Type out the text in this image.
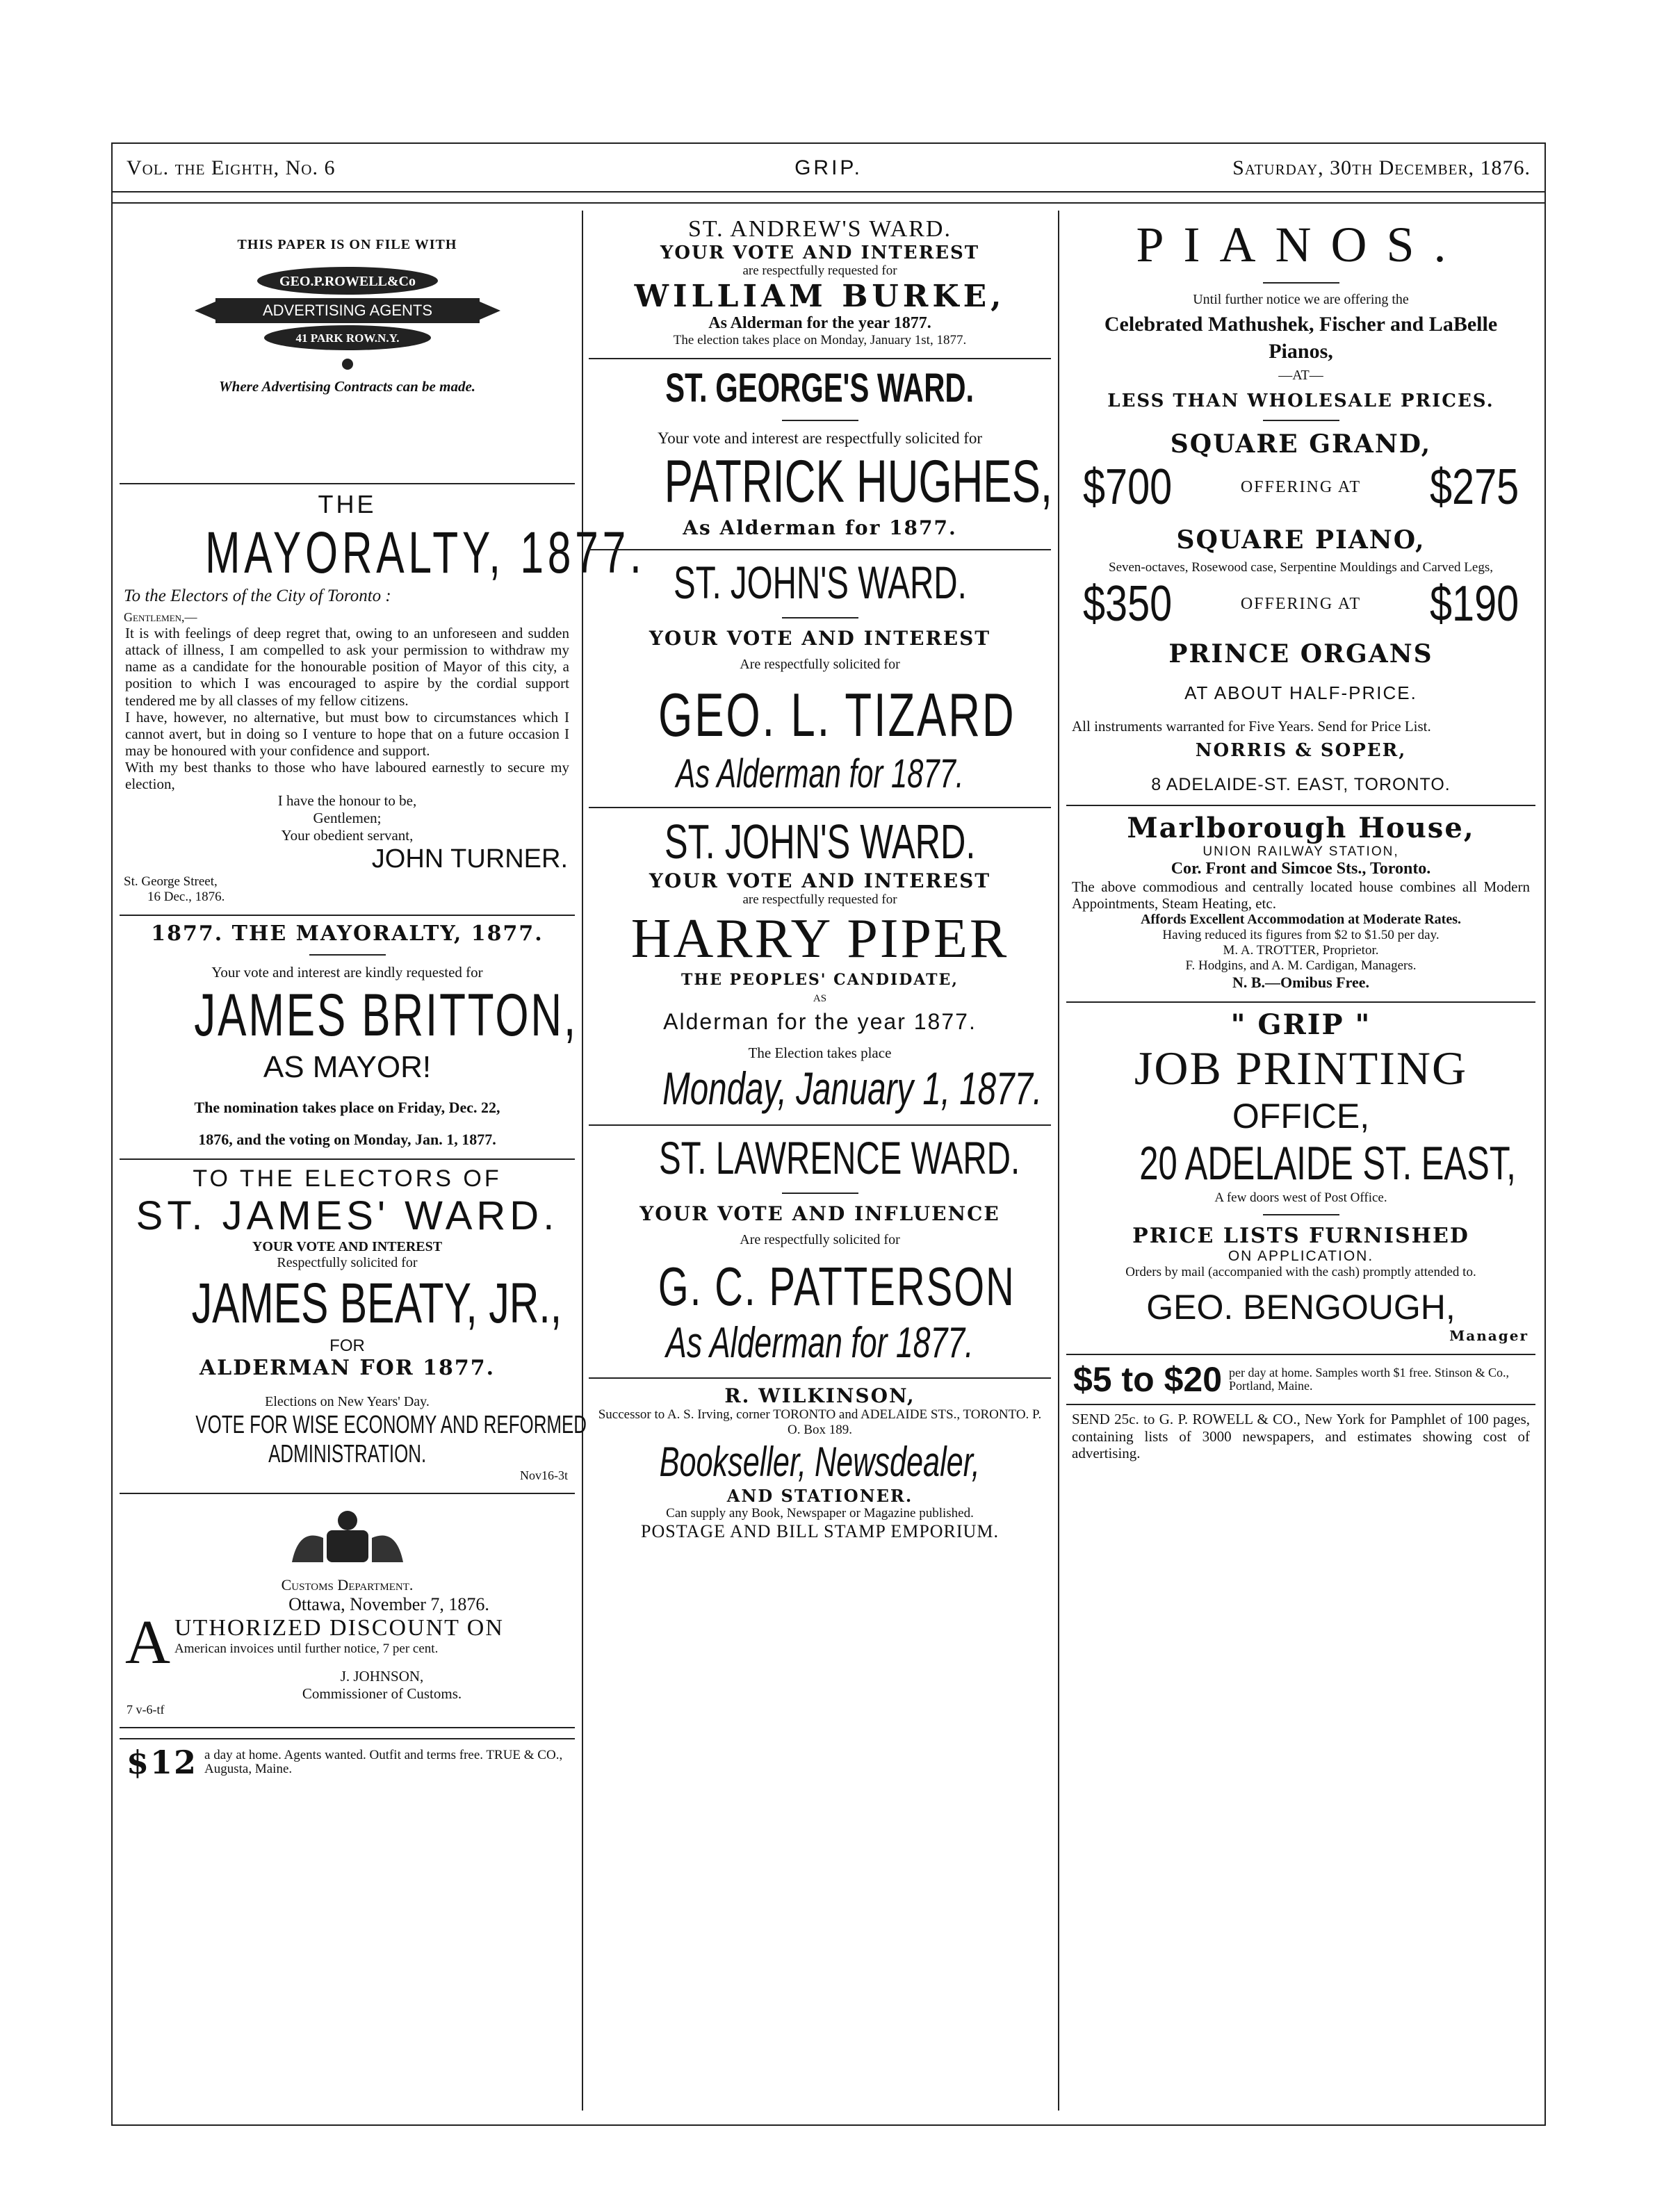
Vol. the Eighth, No. 6	GRIP.	Saturday, 30th December, 1876.
THIS PAPER IS ON FILE WITH
GEO.P.ROWELL&Co
ADVERTISING AGENTS
41 PARK ROW.N.Y.
Where Advertising Contracts can be made.
THE
MAYORALTY, 1877.
To the Electors of the City of Toronto :
Gentlemen,—
It is with feelings of deep regret that, owing to an unforeseen and sudden attack of illness, I am compelled to ask your permission to withdraw my name as a candidate for the honourable position of Mayor of this city, a position to which I was encouraged to aspire by the cordial support tendered me by all classes of my fellow citizens.
I have, however, no alternative, but must bow to circumstances which I cannot avert, but in doing so I venture to hope that on a future occasion I may be honoured with your confidence and support.
With my best thanks to those who have laboured earnestly to secure my election,
I have the honour to be,
Gentlemen;
Your obedient servant,
JOHN TURNER.
St. George Street,
16 Dec., 1876.
1877. THE MAYORALTY, 1877.
Your vote and interest are kindly requested for
JAMES BRITTON,
AS MAYOR!
The nomination takes place on Friday, Dec. 22,
1876, and the voting on Monday, Jan. 1, 1877.
TO THE ELECTORS OF
ST. JAMES' WARD.
YOUR VOTE AND INTEREST
Respectfully solicited for
JAMES BEATY, JR.,
FOR
ALDERMAN FOR 1877.
Elections on New Years' Day.
VOTE FOR WISE ECONOMY AND REFORMED
ADMINISTRATION.
Nov16-3t
Customs Department.
Ottawa, November 7, 1876.
A UTHORIZED DISCOUNT ON
American invoices until further notice, 7 per cent.
J. JOHNSON,
Commissioner of Customs.
7 v-6-tf
$12 a day at home. Agents wanted. Outfit and terms free. TRUE & CO., Augusta, Maine.
ST. ANDREW'S WARD.
YOUR VOTE AND INTEREST
are respectfully requested for
WILLIAM BURKE,
As Alderman for the year 1877.
The election takes place on Monday, January 1st, 1877.
ST. GEORGE'S WARD.
Your vote and interest are respectfully solicited for
PATRICK HUGHES,
As Alderman for 1877.
ST. JOHN'S WARD.
YOUR VOTE AND INTEREST
Are respectfully solicited for
GEO. L. TIZARD
As Alderman for 1877.
ST. JOHN'S WARD.
YOUR VOTE AND INTEREST
are respectfully requested for
HARRY PIPER
THE PEOPLES' CANDIDATE,
AS
Alderman for the year 1877.
The Election takes place
Monday, January 1, 1877.
ST. LAWRENCE WARD.
YOUR VOTE AND INFLUENCE
Are respectfully solicited for
G. C. PATTERSON
As Alderman for 1877.
R. WILKINSON,
Successor to A. S. Irving, corner TORONTO and ADELAIDE STS., TORONTO. P. O. Box 189.
Bookseller, Newsdealer,
AND STATIONER.
Can supply any Book, Newspaper or Magazine published.
POSTAGE AND BILL STAMP EMPORIUM.
PIANOS.
Until further notice we are offering the
Celebrated Mathushek, Fischer and LaBelle Pianos,
—AT—
LESS THAN WHOLESALE PRICES.
SQUARE GRAND,
$700	OFFERING AT $275
SQUARE PIANO,
Seven-octaves, Rosewood case, Serpentine Mouldings and Carved Legs,
$350	OFFERING AT $190
PRINCE ORGANS
AT ABOUT HALF-PRICE.
All instruments warranted for Five Years. Send for Price List.
NORRIS & SOPER,
8 ADELAIDE-ST. EAST, TORONTO.
Marlborough House,
UNION RAILWAY STATION,
Cor. Front and Simcoe Sts., Toronto.
The above commodious and centrally located house combines all Modern Appointments, Steam Heating, etc.
Affords Excellent Accommodation at Moderate Rates.
Having reduced its figures from $2 to $1.50 per day.
M. A. TROTTER, Proprietor.
F. Hodgins, and A. M. Cardigan, Managers.
N. B.—Omibus Free.
" GRIP "
JOB PRINTING
OFFICE,
20 ADELAIDE ST. EAST,
A few doors west of Post Office.
PRICE LISTS FURNISHED
ON APPLICATION.
Orders by mail (accompanied with the cash) promptly attended to.
GEO. BENGOUGH,
Manager
$5 to $20 per day at home. Samples worth $1 free. Stinson & Co., Portland, Maine.
SEND 25c. to G. P. ROWELL & CO., New York for Pamphlet of 100 pages, containing lists of 3000 newspapers, and estimates showing cost of advertising.
